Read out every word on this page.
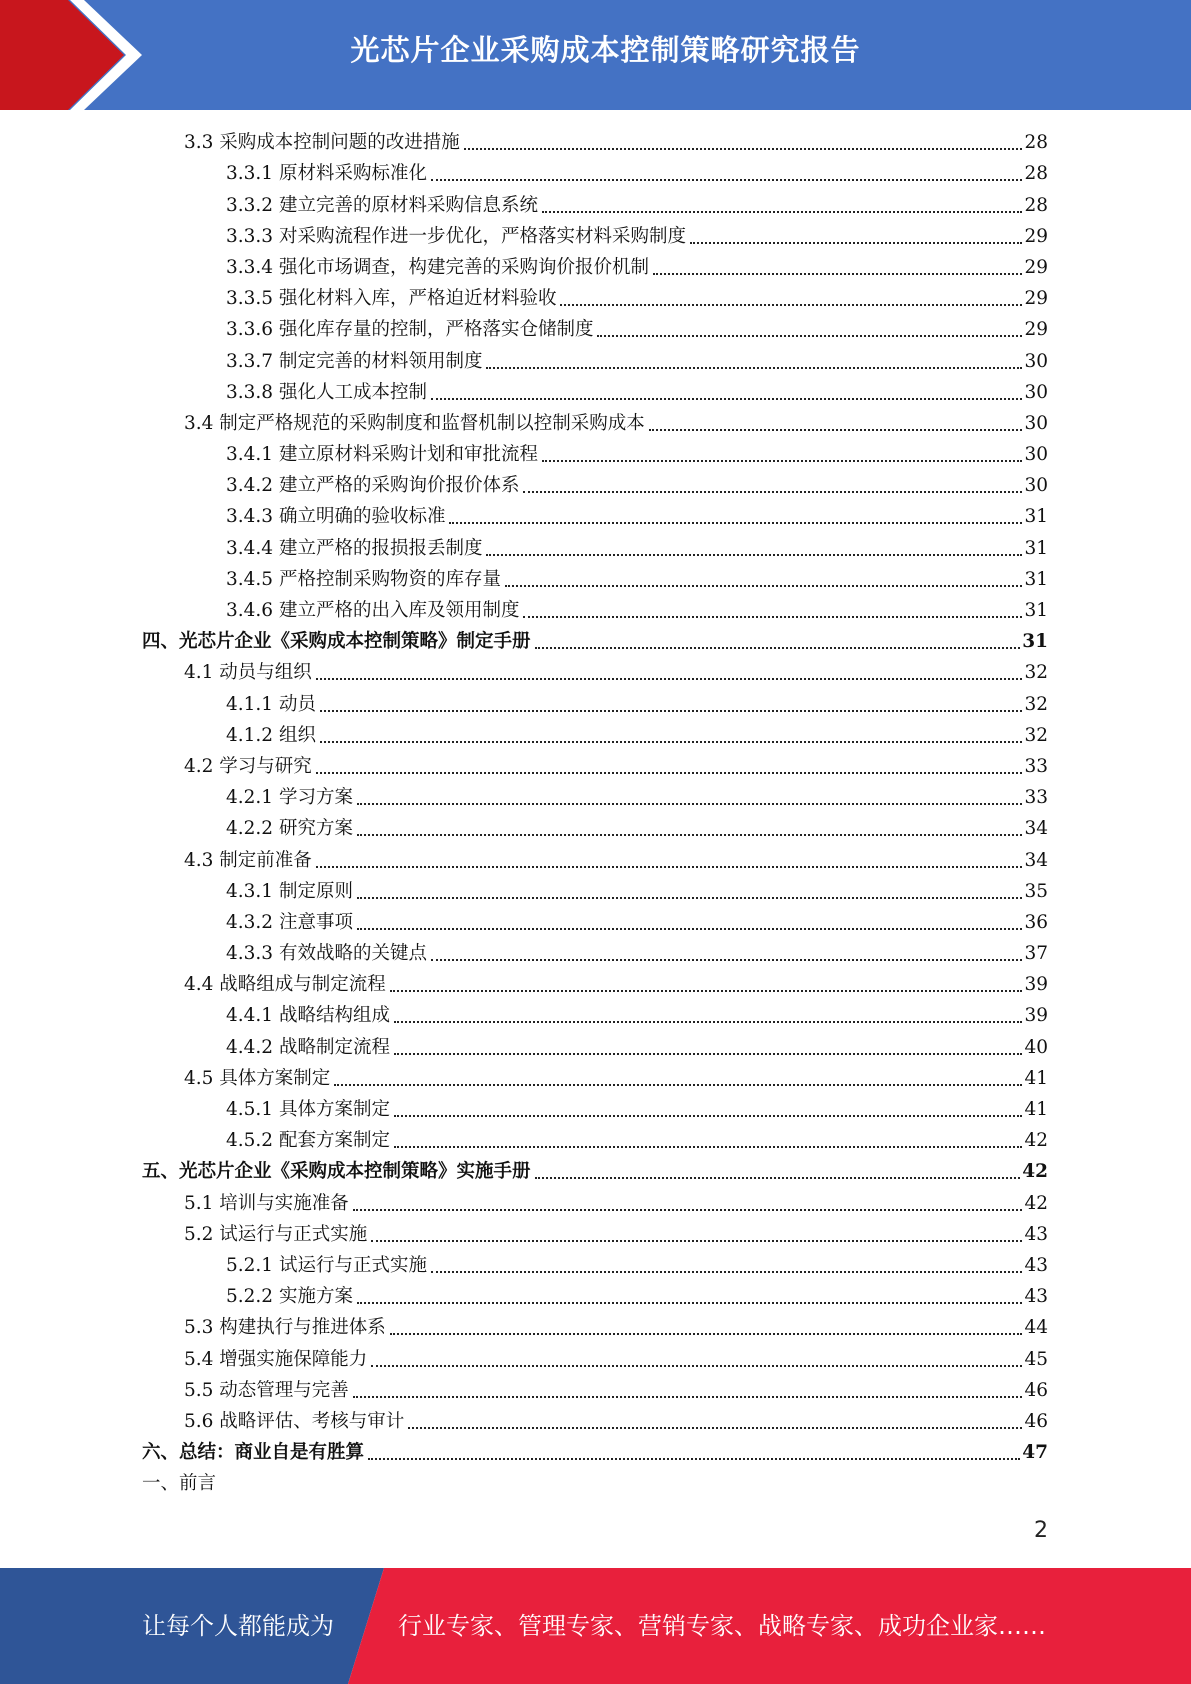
光芯片企业采购成本控制策略研究报告
3.3 采购成本控制问题的改进措施	28
3.3.1 原材料采购标准化	28
3.3.2 建立完善的原材料采购信息系统	28
3.3.3 对采购流程作进一步优化，严格落实材料采购制度	29
3.3.4 强化市场调查，构建完善的采购询价报价机制	29
3.3.5 强化材料入库，严格迫近材料验收	29
3.3.6 强化库存量的控制，严格落实仓储制度	29
3.3.7 制定完善的材料领用制度	30
3.3.8 强化人工成本控制	30
3.4 制定严格规范的采购制度和监督机制以控制采购成本	30
3.4.1 建立原材料采购计划和审批流程	30
3.4.2 建立严格的采购询价报价体系	30
3.4.3 确立明确的验收标准	31
3.4.4 建立严格的报损报丢制度	31
3.4.5 严格控制采购物资的库存量	31
3.4.6 建立严格的出入库及领用制度	31
四、光芯片企业《采购成本控制策略》制定手册	31
4.1 动员与组织	32
4.1.1 动员	32
4.1.2 组织	32
4.2 学习与研究	33
4.2.1 学习方案	33
4.2.2 研究方案	34
4.3 制定前准备	34
4.3.1 制定原则	35
4.3.2 注意事项	36
4.3.3 有效战略的关键点	37
4.4 战略组成与制定流程	39
4.4.1 战略结构组成	39
4.4.2 战略制定流程	40
4.5 具体方案制定	41
4.5.1 具体方案制定	41
4.5.2 配套方案制定	42
五、光芯片企业《采购成本控制策略》实施手册	42
5.1 培训与实施准备	42
5.2 试运行与正式实施	43
5.2.1 试运行与正式实施	43
5.2.2 实施方案	43
5.3 构建执行与推进体系	44
5.4 增强实施保障能力	45
5.5 动态管理与完善	46
5.6 战略评估、考核与审计	46
六、总结：商业自是有胜算	47
一、前言
2
让每个人都能成为	行业专家、管理专家、营销专家、战略专家、成功企业家……
